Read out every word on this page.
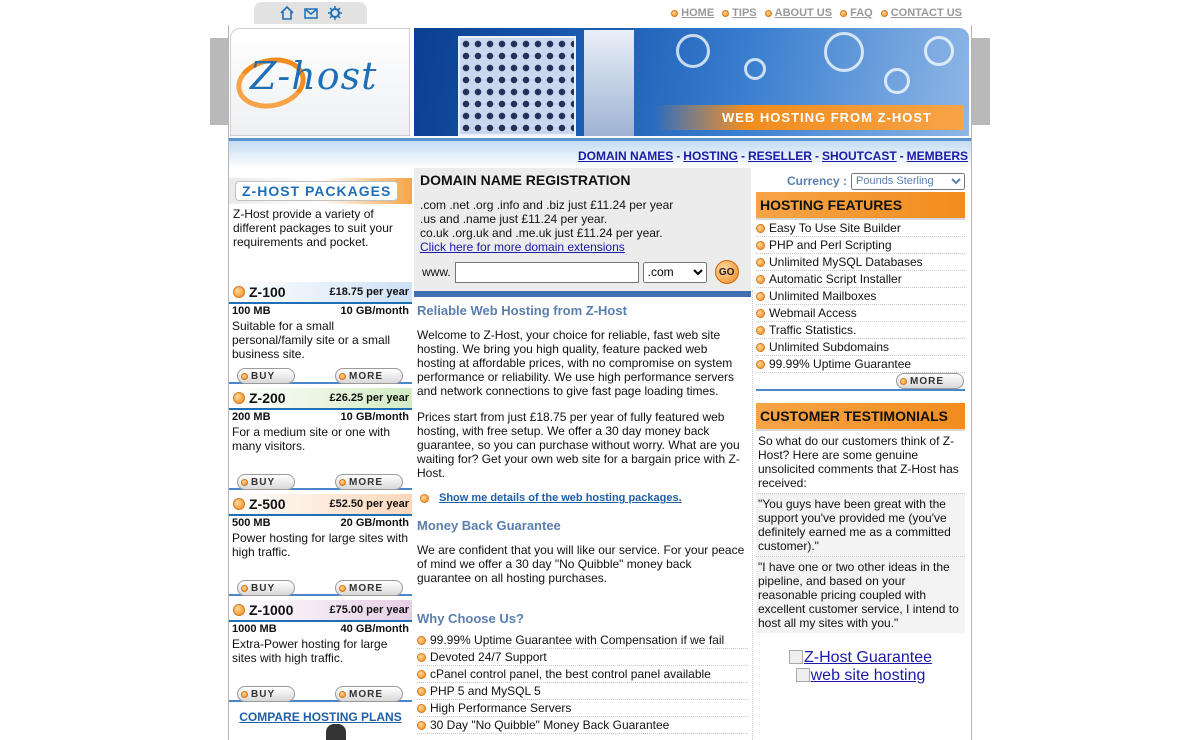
HOME TIPS ABOUT US FAQ CONTACT US
Z-host
WEB HOSTING FROM Z-HOST
DOMAIN NAMES - HOSTING - RESELLER - SHOUTCAST - MEMBERS
Z-HOST PACKAGES
Z-Host provide a variety of different packages to suit your requirements and pocket.
Z-100	£18.75 per year
100 MB	10 GB/month
Suitable for a small personal/family site or a small business site.
BUY	MORE
Z-200	£26.25 per year
200 MB	10 GB/month
For a medium site or one with many visitors.
BUY	MORE
Z-500	£52.50 per year
500 MB	20 GB/month
Power hosting for large sites with high traffic.
BUY	MORE
Z-1000	£75.00 per year
1000 MB	40 GB/month
Extra-Power hosting for large sites with high traffic.
BUY	MORE
COMPARE HOSTING PLANS
DOMAIN NAME REGISTRATION
.com .net .org .info and .biz just £11.24 per year
.us and .name just £11.24 per year.
co.uk .org.uk and .me.uk just £11.24 per year.
Click here for more domain extensions
www.
.com	GO
Reliable Web Hosting from Z-Host

Welcome to Z-Host, your choice for reliable, fast web site hosting. We bring you high quality, feature packed web hosting at affordable prices, with no compromise on system performance or reliability. We use high performance servers and network connections to give fast page loading times.

Prices start from just £18.75 per year of fully featured web hosting, with free setup. We offer a 30 day money back guarantee, so you can purchase without worry. What are you waiting for? Get your own web site for a bargain price with Z-Host.

Show me details of the web hosting packages.
Money Back Guarantee

We are confident that you will like our service. For your peace of mind we offer a 30 day "No Quibble" money back guarantee on all hosting purchases.

Why Choose Us?
99.99% Uptime Guarantee with Compensation if we fail
Devoted 24/7 Support
cPanel control panel, the best control panel available
PHP 5 and MySQL 5
High Performance Servers
30 Day "No Quibble" Money Back Guarantee
Currency :
Pounds Sterling
HOSTING FEATURES
Easy To Use Site Builder
PHP and Perl Scripting
Unlimited MySQL Databases
Automatic Script Installer
Unlimited Mailboxes
Webmail Access
Traffic Statistics.
Unlimited Subdomains
99.99% Uptime Guarantee
MORE
CUSTOMER TESTIMONIALS
So what do our customers think of Z-Host? Here are some genuine unsolicited comments that Z-Host has received:
"You guys have been great with the support you've provided me (you've definitely earned me as a committed customer)."
"I have one or two other ideas in the pipeline, and based on your reasonable pricing coupled with excellent customer service, I intend to host all my sites with you."
Z-Host Guarantee
web site hosting
